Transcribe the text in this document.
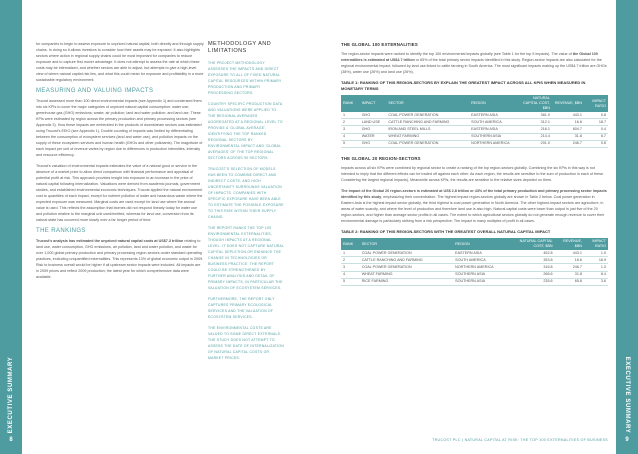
EXECUTIVE SUMMARY
8

for companies to begin to assess exposure to unpriced natural capital, both directly and through supply chains. In doing so it allows investors to consider how their assets may be exposed. It also highlights sectors where action in regional supply chains could be most important for companies to reduce exposure and to capture first mover advantage. It does not attempt to assess the rate at which these costs may be internalized, and whether sectors are able to adjust, but attempts to give a high-level view of where natural capital risk lies, and what this could mean for exposure and profitability in a more sustainable regulatory environment.

MEASURING AND VALUING IMPACTS

Trucost assessed more than 100 direct environmental impacts (see Appendix 1) and condensed them into six KPIs to cover the major categories of unpriced natural capital consumption: water use; greenhouse gas (GHG) emissions; waste; air pollution; land and water pollution; and land use. These KPIs were estimated by region across the primary production and primary processing sectors (see Appendix 3). How these impacts are embedded in the products of downstream sectors was estimated using Trucost's EEIO (see Appendix 1). Double counting of impacts was limited by differentiating between the consumption of ecosystem services (land and water use), and pollution impacts on the supply of these ecosystem services and human health (GHGs and other pollutants). The magnitude of each impact per unit of revenue varies by region due to differences in production intensities, intensity and resource efficiency.

Trucost's valuation of environmental impacts estimates the value of a natural good or service in the absence of a market price to allow direct comparison with financial performance and appraisal of potential profit at risk. This approach provides insight into exposure to an increase in the price of natural capital following internalization. Valuations were derived from academic journals, government studies, and established environmental economic techniques. Trucost applied the natural environment cost to quantities of each impact, except for nutrient pollution of water and hazardous waste where the expected exposure was measured. Marginal costs are used except for land use where the annual value is used. This reflects the assumption that biomes did not respond linearly today for water use and pollution relative to the marginal unit used/emitted, whereas for land use, conversion from its natural state has occurred more slowly over a far longer period of time.

THE RANKINGS

Trucost's analysis has estimated the unpriced natural capital costs at US$7.3 trillion relating to land use, water consumption, GHG emissions, air pollution, land and water pollution, and waste for over 1,000 global primary production and primary processing region-sectors under standard operating practices, excluding unquantified externalities. This represents 13% of global economic output in 2009. Risk to business overall would be higher if all upstream sector impacts were included. All impacts are in 2009 prices and reflect 2009 production; the latest year for which comprehensive data were available.

METHODOLOGY AND LIMITATIONS

THE PROJECT METHODOLOGY ASSESSES THE IMPACTS AND DIRECT EXPOSURE TO ALL OF FIXED NATURAL CAPITAL RESOURCES WITHIN PRIMARY PRODUCTION AND PRIMARY PROCESSING SECTORS.

COUNTRY SPECIFIC PRODUCTION DATA AND VALUATIONS WERE APPLIED TO THE REGIONAL AVERAGES AGGREGATED AT A REGIONAL LEVEL TO PROVIDE A 'GLOBAL AVERAGE'. IDENTIFYING THE TOP RANKED REGIONAL SECTORS BY ENVIRONMENTAL IMPACT AND 'GLOBAL AVERAGES' OF THE TOP REGIONAL SECTORS ACROSS 90 SECTORS.

TRUCOST'S SELECTION OF MODELS HAS BEEN TO COMBINE DIRECT AND INDIRECT COSTS, AND HIGH UNCERTAINTY SURROUNDS VALUATION OF IMPACTS. COMPANIES WITH SPECIFIC EXPOSURE HAVE BEEN ABLE TO ESTIMATE THE POSSIBLE EXPOSURE TO THIS RISK WITHIN THEIR SUPPLY CHAINS.

THE REPORT RANKS THE TOP 100 ENVIRONMENTAL EXTERNALITIES, THOUGH IMPACTS AT A REGIONAL LEVEL. IT DOES NOT CAPTURE NATURAL CAPITAL DEPLETION OR ENHANCE THE CHANGE IN TECHNOLOGIES OR BUSINESS PRACTICE. THE REPORT COULD BE STRENGTHENED BY FURTHER ANALYSIS AND DETAIL OF PRIMARY IMPACTS, IN PARTICULAR THE VALUATION OF ECOSYSTEM SERVICES.

FURTHERMORE, THE REPORT ONLY CAPTURES PRIMARY ECOLOGICAL SERVICES AND THE VALUATION OF ECOSYSTEM SERVICES.

THE ENVIRONMENTAL COSTS ARE VALUED TO SOME DIRECT EXTERNALS. THE STUDY DOES NOT ATTEMPT TO ASSESS THE DATE OF INTERNALIZATION OF NATURAL CAPITAL COSTS OR MARKET PRICES.

THE GLOBAL 100 EXTERNALITIES

The region-sector impacts were ranked to identify the top 100 environmental impacts globally (see Table 1 for the top 5 impacts). The value of the Global 100 externalities is estimated at US$4.7 trillion or 65% of the total primary sector impacts identified in this study. Region-sector impacts are also calculated for the regional environmental impact, followed by land use linked to cattle farming in South America. The most significant impacts making up the US$4.7 trillion are GHGs (38%), water use (26%) and land use (26%).

TABLE 1: RANKING OF THIS REGION-SECTORS BY EXPLAIN THE GREATEST IMPACT ACROSS ALL KPIS WHEN MEASURED IN MONETARY TERMS
RANK	IMPACT	SECTOR	REGION	NATURAL CAPITAL COST, $BN	REVENUE, $BN	IMPACT RATIO
1	GHG	COAL POWER GENERATION	EASTERN ASIA	361.0	443.1	0.8
2	LAND USE	CATTLE RANCHING AND FARMING	SOUTH AMERICA	312.1	16.6	18.7
3	GHG	IRON AND STEEL MILLS	EASTERN ASIA	216.1	604.7	0.4
4	WATER	WHEAT FARMING	SOUTHERN ASIA	214.4	31.8	6.7
5	GHG	COAL POWER GENERATION	NORTHERN AMERICA	201.0	246.7	0.8
THE GLOBAL 20 REGION-SECTORS

Impacts across all six KPIs were combined by regional sector to create a ranking of the top region-sectors globally. Combining the six KPIs in this way is not intended to imply that the different effects can be traded off against each other. As each region, the results are sensitive to the sum of production in each of these. Considering the largest regional impacts), Meanwhile across KPIs, the results are sensitive to the relative sizes depicted on them.

The impact of the Global 20 region-sectors is estimated at US$ 2.8 trillion or 43% of the total primary production and primary processing sector impacts identified by this study, emphasizing their concentration. The highest impact region-sectors globally are shown in Table 2 below. Coal power generation in Eastern Asia is the highest impact sector globally, the third highest is coal power generation in North America. The other highest-impact sectors are agriculture, in areas of water scarcity, and where the level of production and therefore land use is also high. Natural capital costs were lower than output in just five of the 20 region-sectors, and higher than average sector profits in all cases. The extent to which agricultural sectors globally do not generate enough revenue to cover their environmental damage is particularly striking from a risk perspective. The impact is many multiples of profit in all cases.

TABLE 2: RANKING OF THIS REGION-SECTORS WITH THE GREATEST OVERALL NATURAL CAPITAL IMPACT
RANK	SECTOR	REGION	NATURAL CAPITAL COST, $BN	REVENUE, $BN	IMPACT RATIO
1	COAL POWER GENERATION	EASTERN ASIA	452.8	443.1	1.0
2	CATTLE RANCHING AND FARMING	SOUTH AMERICA	353.8	16.6	18.9
3	COAL POWER GENERATION	NORTHERN AMERICA	316.8	246.7	1.3
4	WHEAT FARMING	SOUTHERN ASIA	266.6	31.8	8.4
5	RICE FARMING	SOUTHERN ASIA	235.6	65.8	3.6
TRUCOST PLC | NATURAL CAPITAL AT RISK: THE TOP 100 EXTERNALITIES OF BUSINESS
EXECUTIVE SUMMARY
9
